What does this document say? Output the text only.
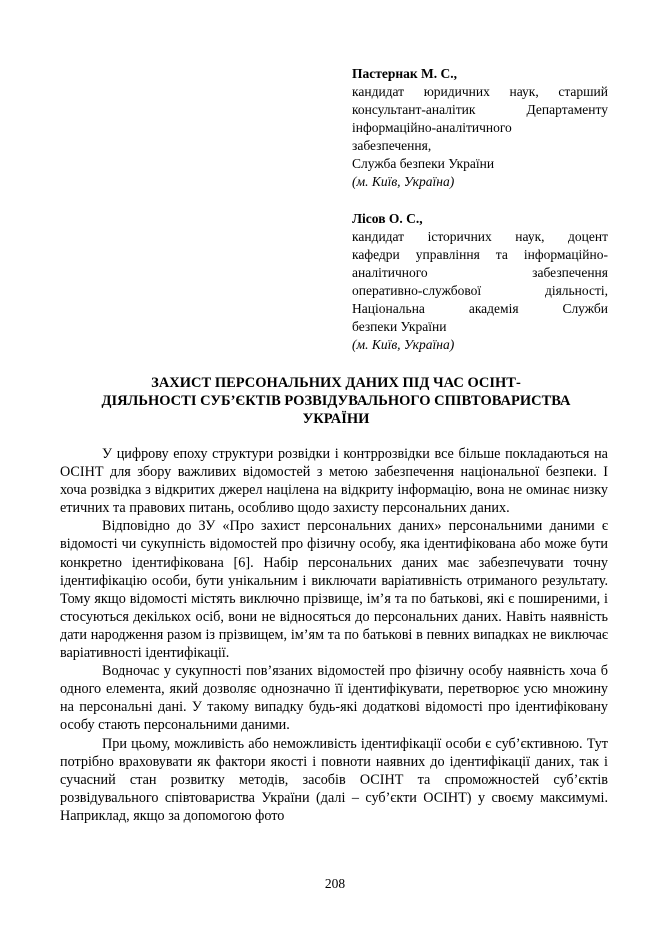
Пастернак М. С.,
кандидат юридичних наук, старший
консультант-аналітик Департаменту
інформаційно-аналітичного
забезпечення,
Служба безпеки України
(м. Київ, Україна)
Лісов О. С.,
кандидат історичних наук, доцент
кафедри управління та інформаційно-
аналітичного забезпечення
оперативно-службової діяльності,
Національна академія Служби
безпеки України
(м. Київ, Україна)
ЗАХИСТ ПЕРСОНАЛЬНИХ ДАНИХ ПІД ЧАС ОСІНТ-
ДІЯЛЬНОСТІ СУБ’ЄКТІВ РОЗВІДУВАЛЬНОГО СПІВТОВАРИСТВА
УКРАЇНИ

У цифрову епоху структури розвідки і контррозвідки все більше покладаються на ОСІНТ для збору важливих відомостей з метою забезпечення національної безпеки. І хоча розвідка з відкритих джерел націлена на відкриту інформацію, вона не оминає низку етичних та правових питань, особливо щодо захисту персональних даних.

Відповідно до ЗУ «Про захист персональних даних» персональними даними є відомості чи сукупність відомостей про фізичну особу, яка ідентифікована або може бути конкретно ідентифікована [6]. Набір персональних даних має забезпечувати точну ідентифікацію особи, бути унікальним і виключати варіативність отриманого результату. Тому якщо відомості містять виключно прізвище, ім’я та по батькові, які є поширеними, і стосуються декількох осіб, вони не відносяться до персональних даних. Навіть наявність дати народження разом із прізвищем, ім’ям та по батькові в певних випадках не виключає варіативності ідентифікації.

Водночас у сукупності пов’язаних відомостей про фізичну особу наявність хоча б одного елемента, який дозволяє однозначно її ідентифікувати, перетворює усю множину на персональні дані. У такому випадку будь-які додаткові відомості про ідентифіковану особу стають персональними даними.

При цьому, можливість або неможливість ідентифікації особи є суб’єктивною. Тут потрібно враховувати як фактори якості і повноти наявних до ідентифікації даних, так і сучасний стан розвитку методів, засобів ОСІНТ та спроможностей суб’єктів розвідувального співтовариства України (далі – суб’єкти ОСІНТ) у своєму максимумі. Наприклад, якщо за допомогою фото

208
